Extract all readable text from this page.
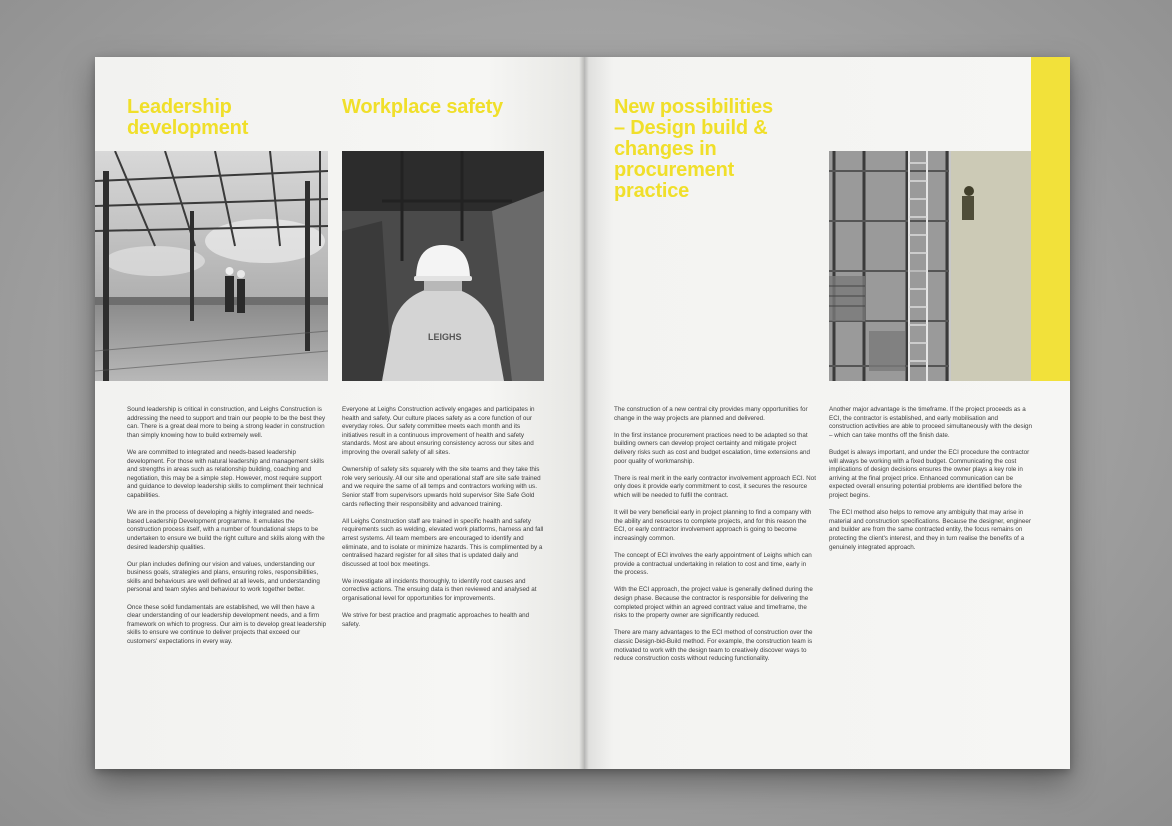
Leadership development

Sound leadership is critical in construction, and Leighs Construction is addressing the need to support and train our people to be the best they can. There is a great deal more to being a strong leader in construction than simply knowing how to build extremely well.

We are committed to integrated and needs-based leadership development. For those with natural leadership and management skills and strengths in areas such as relationship building, coaching and negotiation, this may be a simple step. However, most require support and guidance to develop leadership skills to compliment their technical capabilities.

We are in the process of developing a highly integrated and needs-based Leadership Development programme. It emulates the construction process itself, with a number of foundational steps to be undertaken to ensure we build the right culture and skills along with the desired leadership qualities.

Our plan includes defining our vision and values, understanding our business goals, strategies and plans, ensuring roles, responsibilities, skills and behaviours are well defined at all levels, and understanding personal and team styles and behaviour to work together better.

Once these solid fundamentals are established, we will then have a clear understanding of our leadership development needs, and a firm framework on which to progress. Our aim is to develop great leadership skills to ensure we continue to deliver projects that exceed our customers' expectations in every way.

Workplace safety
LEIGHS

Everyone at Leighs Construction actively engages and participates in health and safety. Our culture places safety as a core function of our everyday roles. Our safety committee meets each month and its initiatives result in a continuous improvement of health and safety standards. Most are about ensuring consistency across our sites and improving the overall safety of all sites.

Ownership of safety sits squarely with the site teams and they take this role very seriously. All our site and operational staff are site safe trained and we require the same of all temps and contractors working with us. Senior staff from supervisors upwards hold supervisor Site Safe Gold cards reflecting their responsibility and advanced training.

All Leighs Construction staff are trained in specific health and safety requirements such as welding, elevated work platforms, harness and fall arrest systems. All team members are encouraged to identify and eliminate, and to isolate or minimize hazards. This is complimented by a centralised hazard register for all sites that is updated daily and discussed at tool box meetings.

We investigate all incidents thoroughly, to identify root causes and corrective actions. The ensuing data is then reviewed and analysed at organisational level for opportunities for improvements.

We strive for best practice and pragmatic approaches to health and safety.

New possibilities – Design build & changes in procurement practice

The construction of a new central city provides many opportunities for change in the way projects are planned and delivered.

In the first instance procurement practices need to be adapted so that building owners can develop project certainty and mitigate project delivery risks such as cost and budget escalation, time extensions and poor quality of workmanship.

There is real merit in the early contractor involvement approach ECI. Not only does it provide early commitment to cost, it secures the resource which will be needed to fulfil the contract.

It will be very beneficial early in project planning to find a company with the ability and resources to complete projects, and for this reason the ECI, or early contractor involvement approach is going to become increasingly common.

The concept of ECI involves the early appointment of Leighs which can provide a contractual undertaking in relation to cost and time, early in the process.

With the ECI approach, the project value is generally defined during the design phase. Because the contractor is responsible for delivering the completed project within an agreed contract value and timeframe, the risks to the property owner are significantly reduced.

There are many advantages to the ECI method of construction over the classic Design-bid-Build method. For example, the construction team is motivated to work with the design team to creatively discover ways to reduce construction costs without reducing functionality.

Another major advantage is the timeframe. If the project proceeds as a ECI, the contractor is established, and early mobilisation and construction activities are able to proceed simultaneously with the design – which can take months off the finish date.

Budget is always important, and under the ECI procedure the contractor will always be working with a fixed budget. Communicating the cost implications of design decisions ensures the owner plays a key role in arriving at the final project price. Enhanced communication can be expected overall ensuring potential problems are identified before the project begins.

The ECI method also helps to remove any ambiguity that may arise in material and construction specifications. Because the designer, engineer and builder are from the same contracted entity, the focus remains on protecting the client's interest, and they in turn realise the benefits of a genuinely integrated approach.
